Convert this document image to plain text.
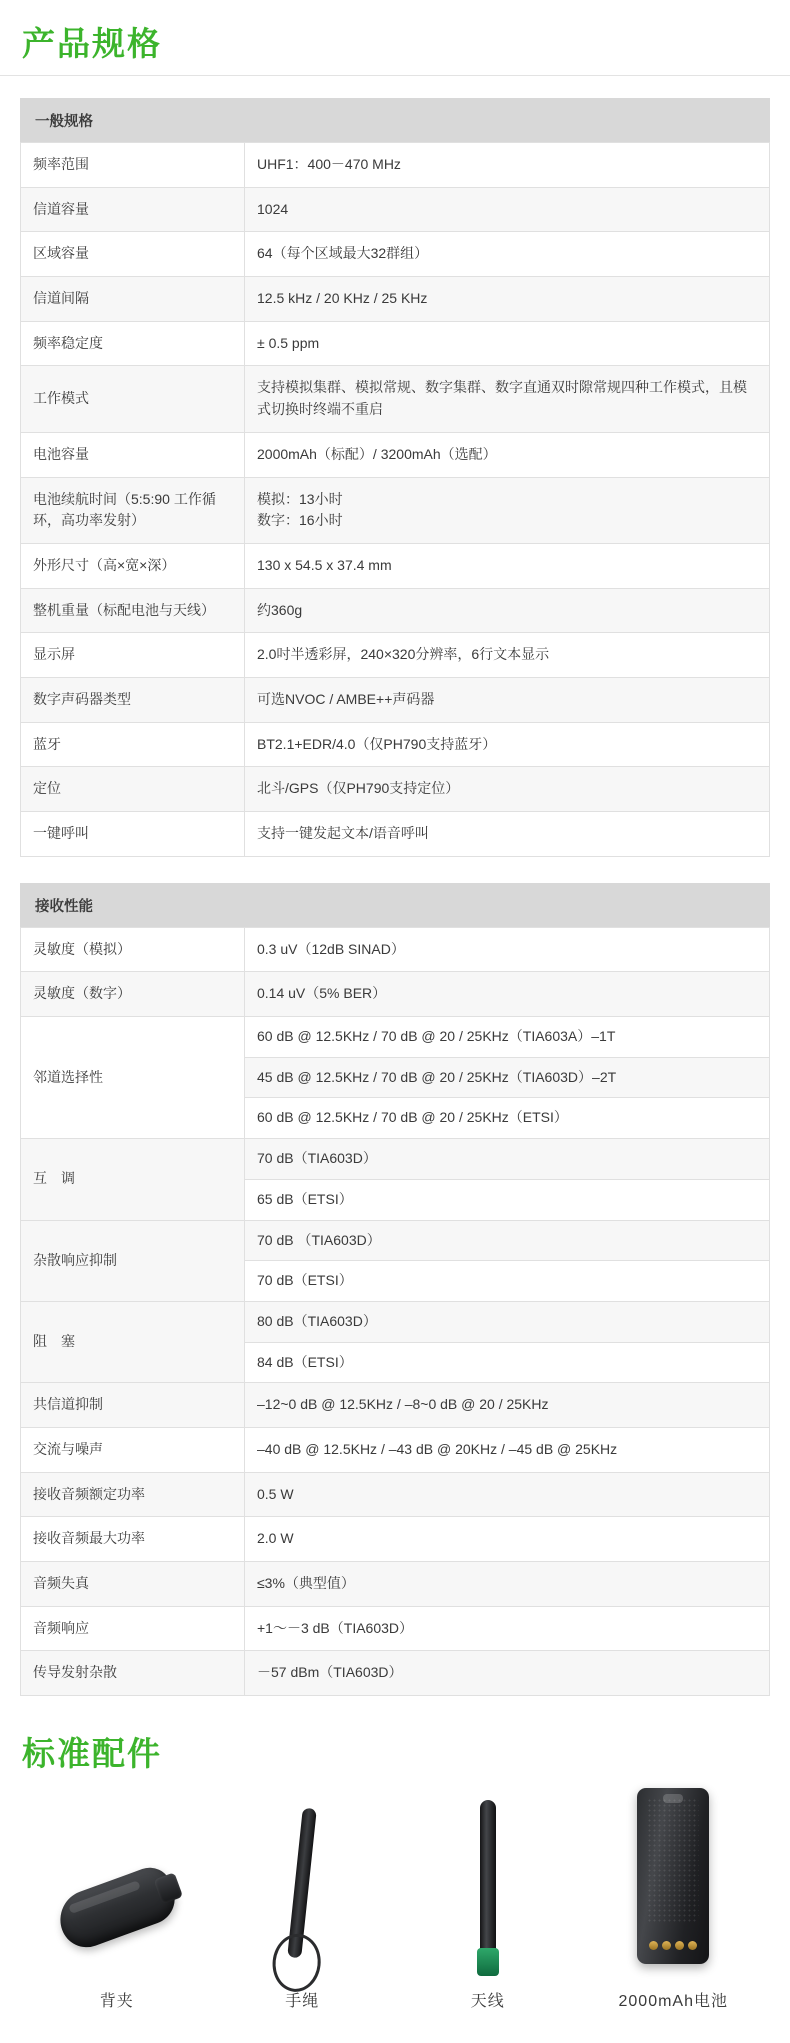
产品规格
一般规格
频率范围	UHF1：400－470 MHz
信道容量	1024
区域容量	64（每个区域最大32群组）
信道间隔	12.5 kHz / 20 KHz / 25 KHz
频率稳定度	± 0.5 ppm
工作模式	支持模拟集群、模拟常规、数字集群、数字直通双时隙常规四种工作模式，且模式切换时终端不重启
电池容量	2000mAh（标配）/ 3200mAh（选配）
电池续航时间（5:5:90 工作循环，高功率发射）	模拟：13小时
数字：16小时
外形尺寸（高×宽×深）	130 x 54.5 x 37.4 mm
整机重量（标配电池与天线）	约360g
显示屏	2.0吋半透彩屏，240×320分辨率，6行文本显示
数字声码器类型	可选NVOC / AMBE++声码器
蓝牙	BT2.1+EDR/4.0（仅PH790支持蓝牙）
定位	北斗/GPS（仅PH790支持定位）
一键呼叫	支持一键发起文本/语音呼叫
接收性能
灵敏度（模拟）	0.3 uV（12dB SINAD）
灵敏度（数字）	0.14 uV（5% BER）
邻道选择性	60 dB @ 12.5KHz / 70 dB @ 20 / 25KHz（TIA603A）–1T
	45 dB @ 12.5KHz / 70 dB @ 20 / 25KHz（TIA603D）–2T
	60 dB @ 12.5KHz / 70 dB @ 20 / 25KHz（ETSI）
互　调	70 dB（TIA603D）
	65 dB（ETSI）
杂散响应抑制	70 dB （TIA603D）
	70 dB（ETSI）
阻　塞	80 dB（TIA603D）
	84 dB（ETSI）
共信道抑制	–12~0 dB @ 12.5KHz / –8~0 dB @ 20 / 25KHz
交流与噪声	–40 dB @ 12.5KHz / –43 dB @ 20KHz / –45 dB @ 25KHz
接收音频额定功率	0.5 W
接收音频最大功率	2.0 W
音频失真	≤3%（典型值）
音频响应	+1～－3 dB（TIA603D）
传导发射杂散	－57 dBm（TIA603D）
标准配件
背夹	手绳	天线	2000mAh电池
